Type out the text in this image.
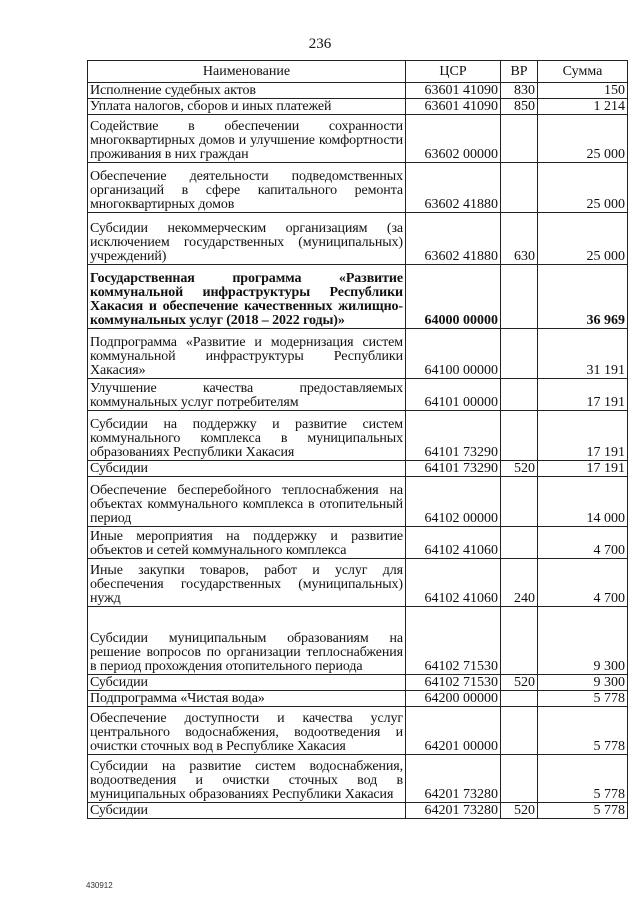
236
Наименование	ЦСР	ВР	Сумма
Исполнение судебных актов	63601 41090	830	150
Уплата налогов, сборов и иных платежей	63601 41090	850	1 214
Содействие в обеспечении сохранности многоквартирных домов и улучшение комфортности проживания в них граждан	63602 00000		25 000
Обеспечение деятельности подведомственных организаций в сфере капитального ремонта многоквартирных домов	63602 41880		25 000
Субсидии некоммерческим организациям (за исключением государственных (муниципальных) учреждений)	63602 41880	630	25 000
Государственная программа «Развитие коммунальной инфраструктуры Республики Хакасия и обеспечение качественных жилищно-коммунальных услуг (2018 – 2022 годы)»	64000 00000		36 969
Подпрограмма «Развитие и модернизация систем коммунальной инфраструктуры Республики Хакасия»	64100 00000		31 191
Улучшение качества предоставляемых коммунальных услуг потребителям	64101 00000		17 191
Субсидии на поддержку и развитие систем коммунального комплекса в муниципальных образованиях Республики Хакасия	64101 73290		17 191
Субсидии	64101 73290	520	17 191
Обеспечение бесперебойного теплоснабжения на объектах коммунального комплекса в отопительный период	64102 00000		14 000
Иные мероприятия на поддержку и развитие объектов и сетей коммунального комплекса	64102 41060		4 700
Иные закупки товаров, работ и услуг для обеспечения государственных (муниципальных) нужд	64102 41060	240	4 700
Субсидии муниципальным образованиям на решение вопросов по организации теплоснабжения в период прохождения отопительного периода	64102 71530		9 300
Субсидии	64102 71530	520	9 300
Подпрограмма «Чистая вода»	64200 00000		5 778
Обеспечение доступности и качества услуг центрального водоснабжения, водоотведения и очистки сточных вод в Республике Хакасия	64201 00000		5 778
Субсидии на развитие систем водоснабжения, водоотведения и очистки сточных вод в муниципальных образованиях Республики Хакасия	64201 73280		5 778
Субсидии	64201 73280	520	5 778
430912
